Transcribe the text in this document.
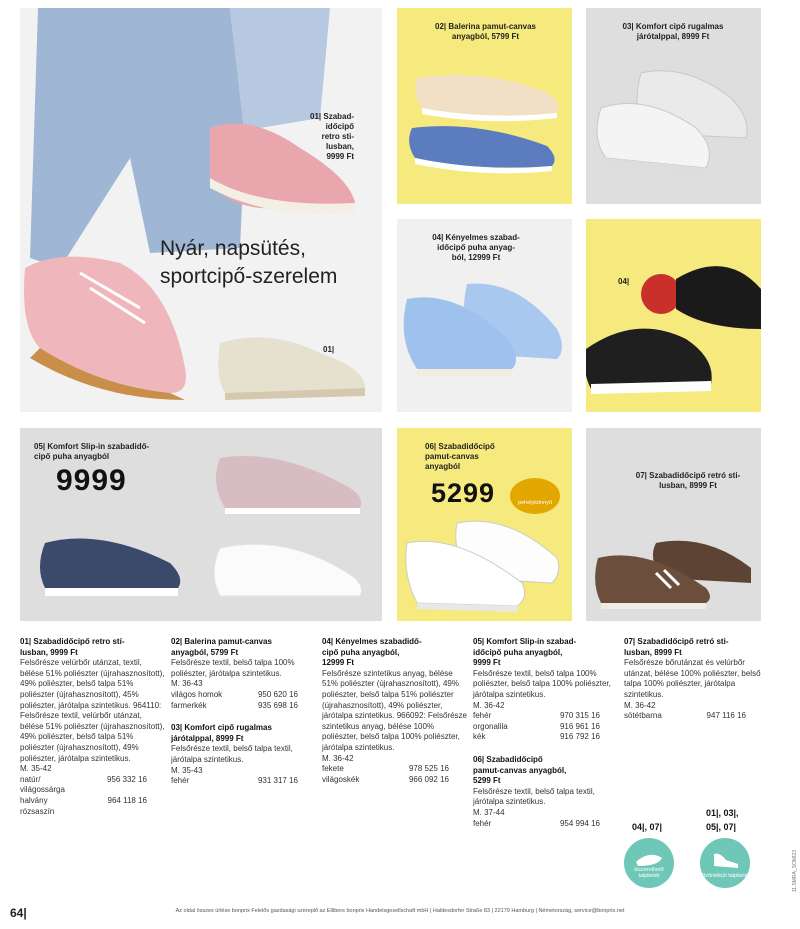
Nyár, napsütés,
sportcipő-szerelem
01| Szabad-
időcipő
retro sti-
lusban,
9999 Ft
01|
02| Balerina pamut-canvas
anyagból, 5799 Ft
03| Komfort cipő rugalmas
járótalppal, 8999 Ft
04| Kényelmes szabad-
időcipő puha anyag-
ból, 12999 Ft
04|
05| Komfort Slip-in szabadidő-
cipő puha anyagból
9999
06| Szabadidőcipő
pamut-canvas
anyagból
5299	pehelykönnyű
07| Szabadidőcipő retró sti-
lusban, 8999 Ft
01| Szabadidőcipő retro stí-
lusban, 9999 Ft
Felsőrésze velúrbőr utánzat, textil, bélése 51% poliészter (újrahasznosított), 49% poliészter, belső talpa 51% poliészter (újrahasznosított), 45% poliészter, járótalpa szintetikus. 964110: Felsőrésze textil, velúrbőr utánzat, bélése 51% poliészter (újrahasznosított), 49% poliészter, belső talpa 51% poliészter (újrahasznosított), 49% poliészter, járótalpa szintetikus.
M. 35-42
natúr/
világossárga
956 332 16
halvány
rózsaszín
964 118 16
02| Balerina pamut-canvas
anyagból, 5799 Ft
Felsőrésze textil, belső talpa 100% poliészter, járótalpa szintetikus.
M. 36-43
világos homok	950 620 16
farmerkék	935 698 16
03| Komfort cipő rugalmas
járótalppal, 8999 Ft
Felsőrésze textil, belső talpa textil, járótalpa szintetikus.
M. 35-43
fehér	931 317 16
04| Kényelmes szabadidő-
cipő puha anyagból,
12999 Ft
Felsőrésze szintetikus anyag, bélése 51% poliészter (újrahasznosított), 49% poliészter, belső talpa 51% poliészter (újrahasznosított), 49% poliészter, járótalpa szintetikus. 966092: Felsőrésze szintetikus anyag, bélése 100% poliészter, belső talpa 100% poliészter, járótalpa szintetikus.
M. 36-42
fekete	978 525 16
világoskék	966 092 16
05| Komfort Slip-in szabad-
időcipő puha anyagból,
9999 Ft
Felsőrésze textil, belső talpa 100% poliészter, belső talpa 100% poliészter, járótalpa szintetikus.
M. 36-42
fehér	970 315 16
orgonalila	916 961 16
kék	916 792 16
06| Szabadidőcipő
pamut-canvas anyagból,
5299 Ft
Felsőrésze textil, belső talpa textil, járótalpa szintetikus.
M. 37-44
fehér	954 994 16
07| Szabadidőcipő retró sti-
lusban, 8999 Ft
Felsőrésze bőrutánzat és velúrbőr utánzat, bélése 100% poliészter, belső talpa 100% poliészter, járótalpa szintetikus.
M. 36-42
sötétbarna	947 116 16
01|, 03|,
04|, 07|	05|, 07|
kiszerelhető talpbetét	fűzőnélküli talpbetét
64|	Az oldal összes ürlése bonprix Felelős gazdasági szereplő az Ellibers bonprix Handelsgesellschaft mbH | Haldesdorfer Straße 83 | 22179 Hamburg | Németország, service@bonprix.net
11.SMRA_SOMI23
